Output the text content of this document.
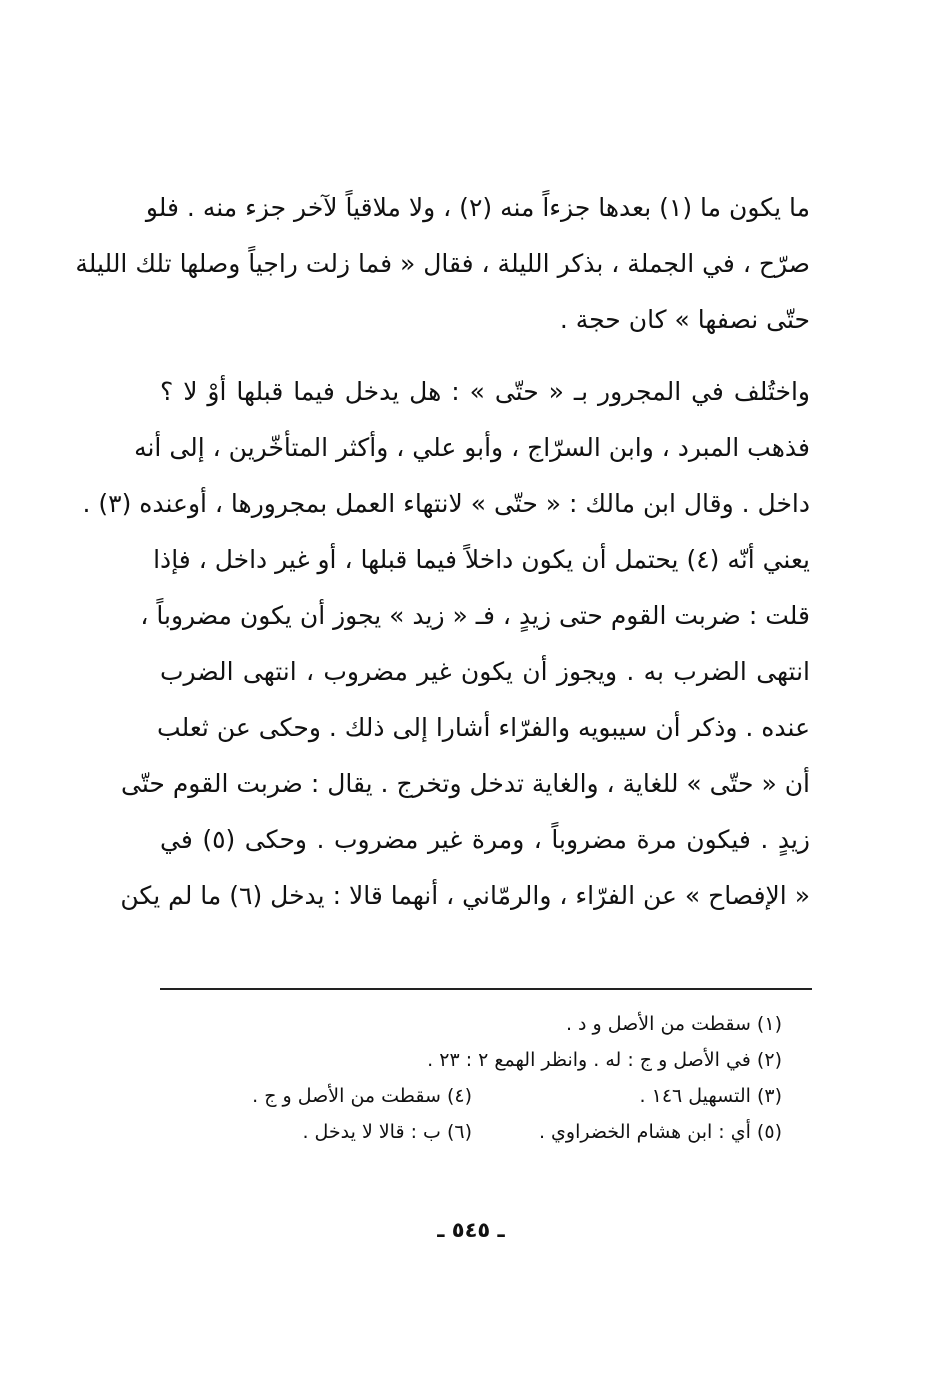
ما يكون ما (١) بعدها جزءاً منه (٢) ، ولا ملاقياً لآخر جزء منه . فلو
صرّح ، في الجملة ، بذكر الليلة ، فقال « فما زلت راجياً وصلها تلك الليلة
حتّى نصفها » كان حجة .
واختُلف في المجرور بـ « حتّى » : هل يدخل فيما قبلها أوْ لا ؟
فذهب المبرد ، وابن السرّاج ، وأبو علي ، وأكثر المتأخّرين ، إلى أنه
داخل . وقال ابن مالك : « حتّى » لانتهاء العمل بمجرورها ، أوعنده (٣) .
يعني أنّه (٤) يحتمل أن يكون داخلاً فيما قبلها ، أو غير داخل ، فإذا
قلت : ضربت القوم حتى زيدٍ ، فـ « زيد » يجوز أن يكون مضروباً ،
انتهى الضرب به . ويجوز أن يكون غير مضروب ، انتهى الضرب
عنده . وذكر أن سيبويه والفرّاء أشارا إلى ذلك . وحكى عن ثعلب
أن « حتّى » للغاية ، والغاية تدخل وتخرج . يقال : ضربت القوم حتّى
زيدٍ . فيكون مرة مضروباً ، ومرة غير مضروب . وحكى (٥) في
« الإفصاح » عن الفرّاء ، والرمّاني ، أنهما قالا : يدخل (٦) ما لم يكن
(١) سقطت من الأصل و د .
(٢) في الأصل و ج : له . وانظر الهمع ٢ : ٢٣ .
(٣) التسهيل ١٤٦ .
(٤) سقطت من الأصل و ج .
(٥) أي : ابن هشام الخضراوي .
(٦) ب : قالا لا يدخل .
ـ ٥٤٥ ـ
